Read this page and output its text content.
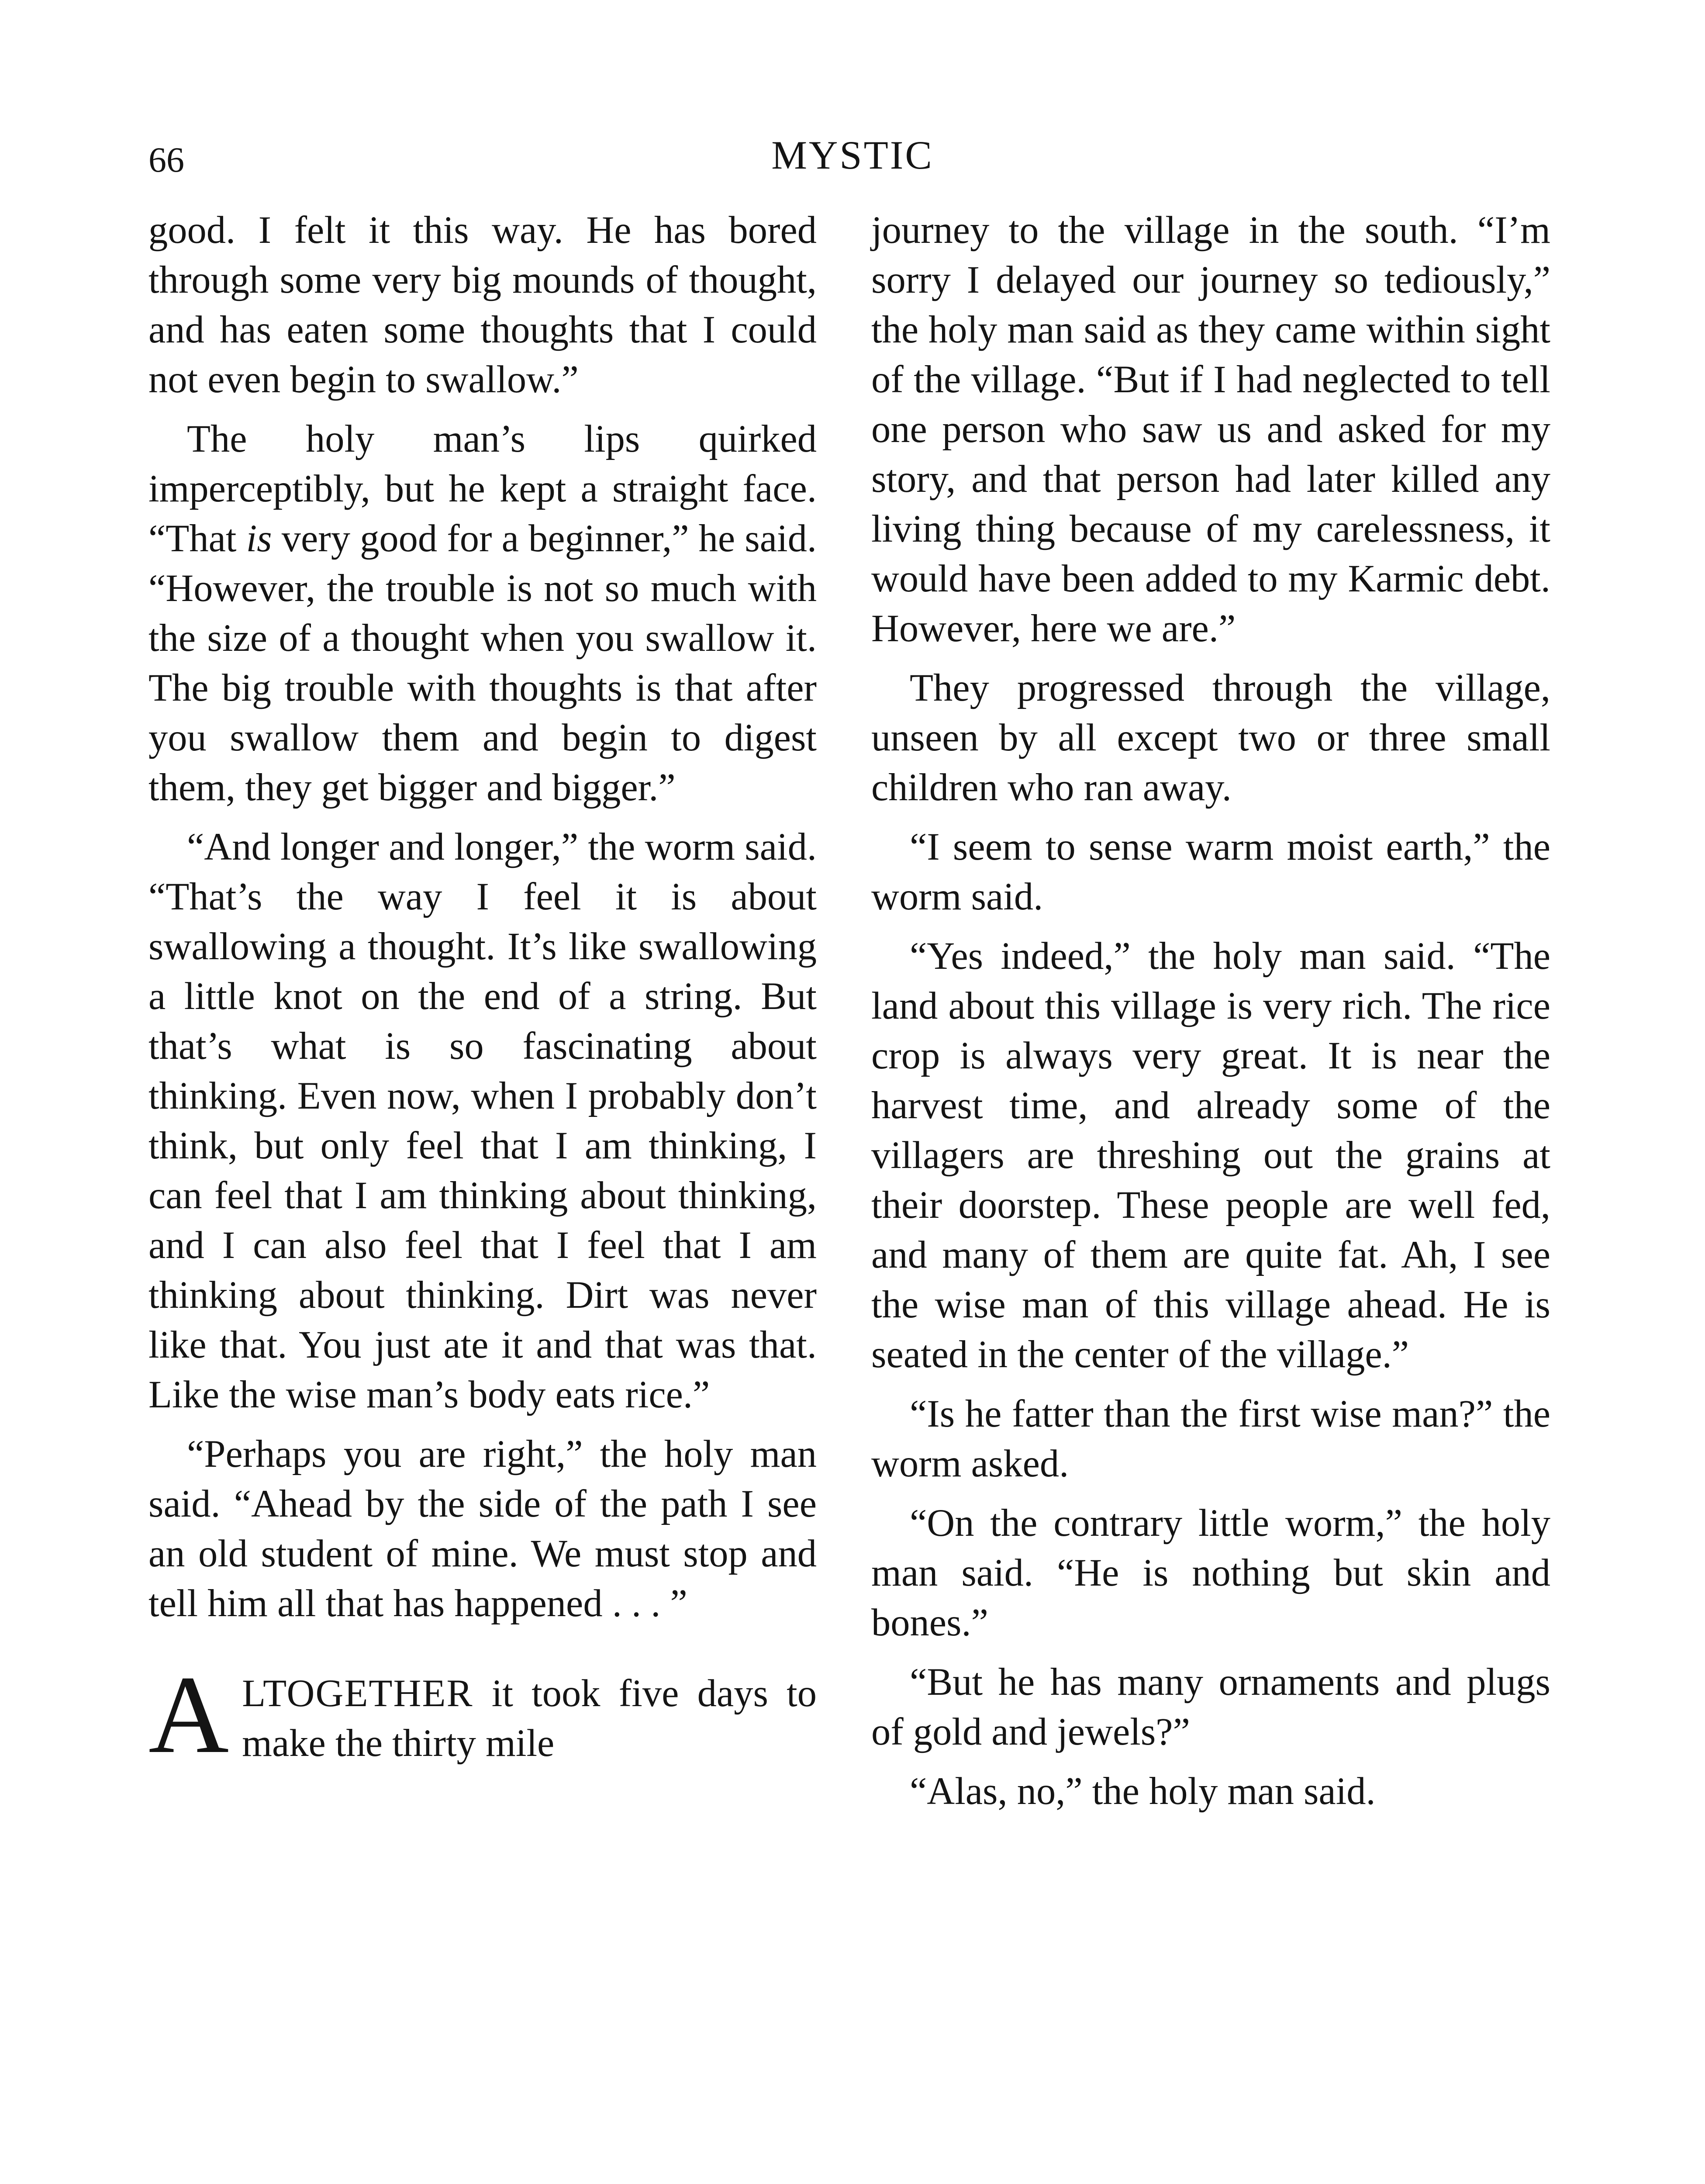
66	MYSTIC

good. I felt it this way. He has bored through some very big mounds of thought, and has eaten some thoughts that I could not even begin to swallow.”

The holy man’s lips quirked imperceptibly, but he kept a straight face. “That is very good for a beginner,” he said. “However, the trouble is not so much with the size of a thought when you swallow it. The big trouble with thoughts is that after you swallow them and begin to digest them, they get bigger and bigger.”

“And longer and longer,” the worm said. “That’s the way I feel it is about swallowing a thought. It’s like swallowing a little knot on the end of a string. But that’s what is so fascinating about thinking. Even now, when I probably don’t think, but only feel that I am thinking, I can feel that I am thinking about thinking, and I can also feel that I feel that I am thinking about thinking. Dirt was never like that. You just ate it and that was that. Like the wise man’s body eats rice.”

“Perhaps you are right,” the holy man said. “Ahead by the side of the path I see an old student of mine. We must stop and tell him all that has happened . . . ”

ALTOGETHER it took five days to make the thirty mile

journey to the village in the south. “I’m sorry I delayed our journey so tediously,” the holy man said as they came within sight of the village. “But if I had neglected to tell one person who saw us and asked for my story, and that person had later killed any living thing because of my carelessness, it would have been added to my Karmic debt. However, here we are.”

They progressed through the village, unseen by all except two or three small children who ran away.

“I seem to sense warm moist earth,” the worm said.

“Yes indeed,” the holy man said. “The land about this village is very rich. The rice crop is always very great. It is near the harvest time, and already some of the villagers are threshing out the grains at their doorstep. These people are well fed, and many of them are quite fat. Ah, I see the wise man of this village ahead. He is seated in the center of the village.”

“Is he fatter than the first wise man?” the worm asked.

“On the contrary little worm,” the holy man said. “He is nothing but skin and bones.”

“But he has many ornaments and plugs of gold and jewels?”

“Alas, no,” the holy man said.
